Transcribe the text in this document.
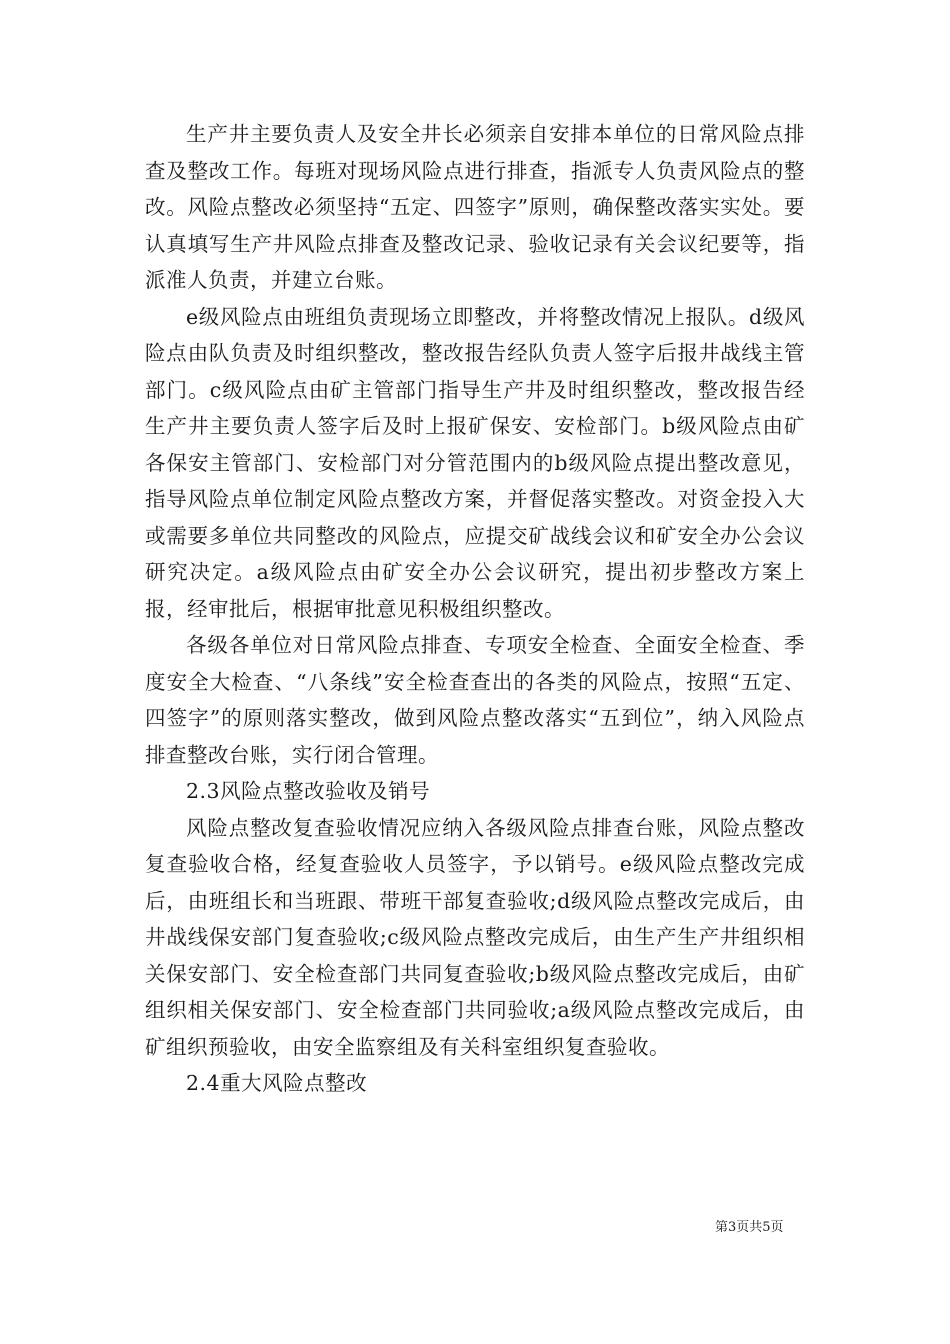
生产井主要负责人及安全井长必须亲自安排本单位的日常风险点排查及整改工作。每班对现场风险点进行排查，指派专人负责风险点的整改。风险点整改必须坚持“五定、四签字”原则，确保整改落实实处。要认真填写生产井风险点排查及整改记录、验收记录有关会议纪要等，指派准人负责，并建立台账。

e级风险点由班组负责现场立即整改，并将整改情况上报队。d级风险点由队负责及时组织整改，整改报告经队负责人签字后报井战线主管部门。c级风险点由矿主管部门指导生产井及时组织整改，整改报告经生产井主要负责人签字后及时上报矿保安、安检部门。b级风险点由矿各保安主管部门、安检部门对分管范围内的b级风险点提出整改意见，指导风险点单位制定风险点整改方案，并督促落实整改。对资金投入大或需要多单位共同整改的风险点，应提交矿战线会议和矿安全办公会议研究决定。a级风险点由矿安全办公会议研究，提出初步整改方案上报，经审批后，根据审批意见积极组织整改。

各级各单位对日常风险点排查、专项安全检查、全面安全检查、季度安全大检查、“八条线”安全检查查出的各类的风险点，按照“五定、四签字”的原则落实整改，做到风险点整改落实“五到位”，纳入风险点排查整改台账，实行闭合管理。

2.3风险点整改验收及销号

风险点整改复查验收情况应纳入各级风险点排查台账，风险点整改复查验收合格，经复查验收人员签字，予以销号。e级风险点整改完成后，由班组长和当班跟、带班干部复查验收;d级风险点整改完成后，由井战线保安部门复查验收;c级风险点整改完成后，由生产生产井组织相关保安部门、安全检查部门共同复查验收;b级风险点整改完成后，由矿组织相关保安部门、安全检查部门共同验收;a级风险点整改完成后，由矿组织预验收，由安全监察组及有关科室组织复查验收。

2.4重大风险点整改

第3页共5页
